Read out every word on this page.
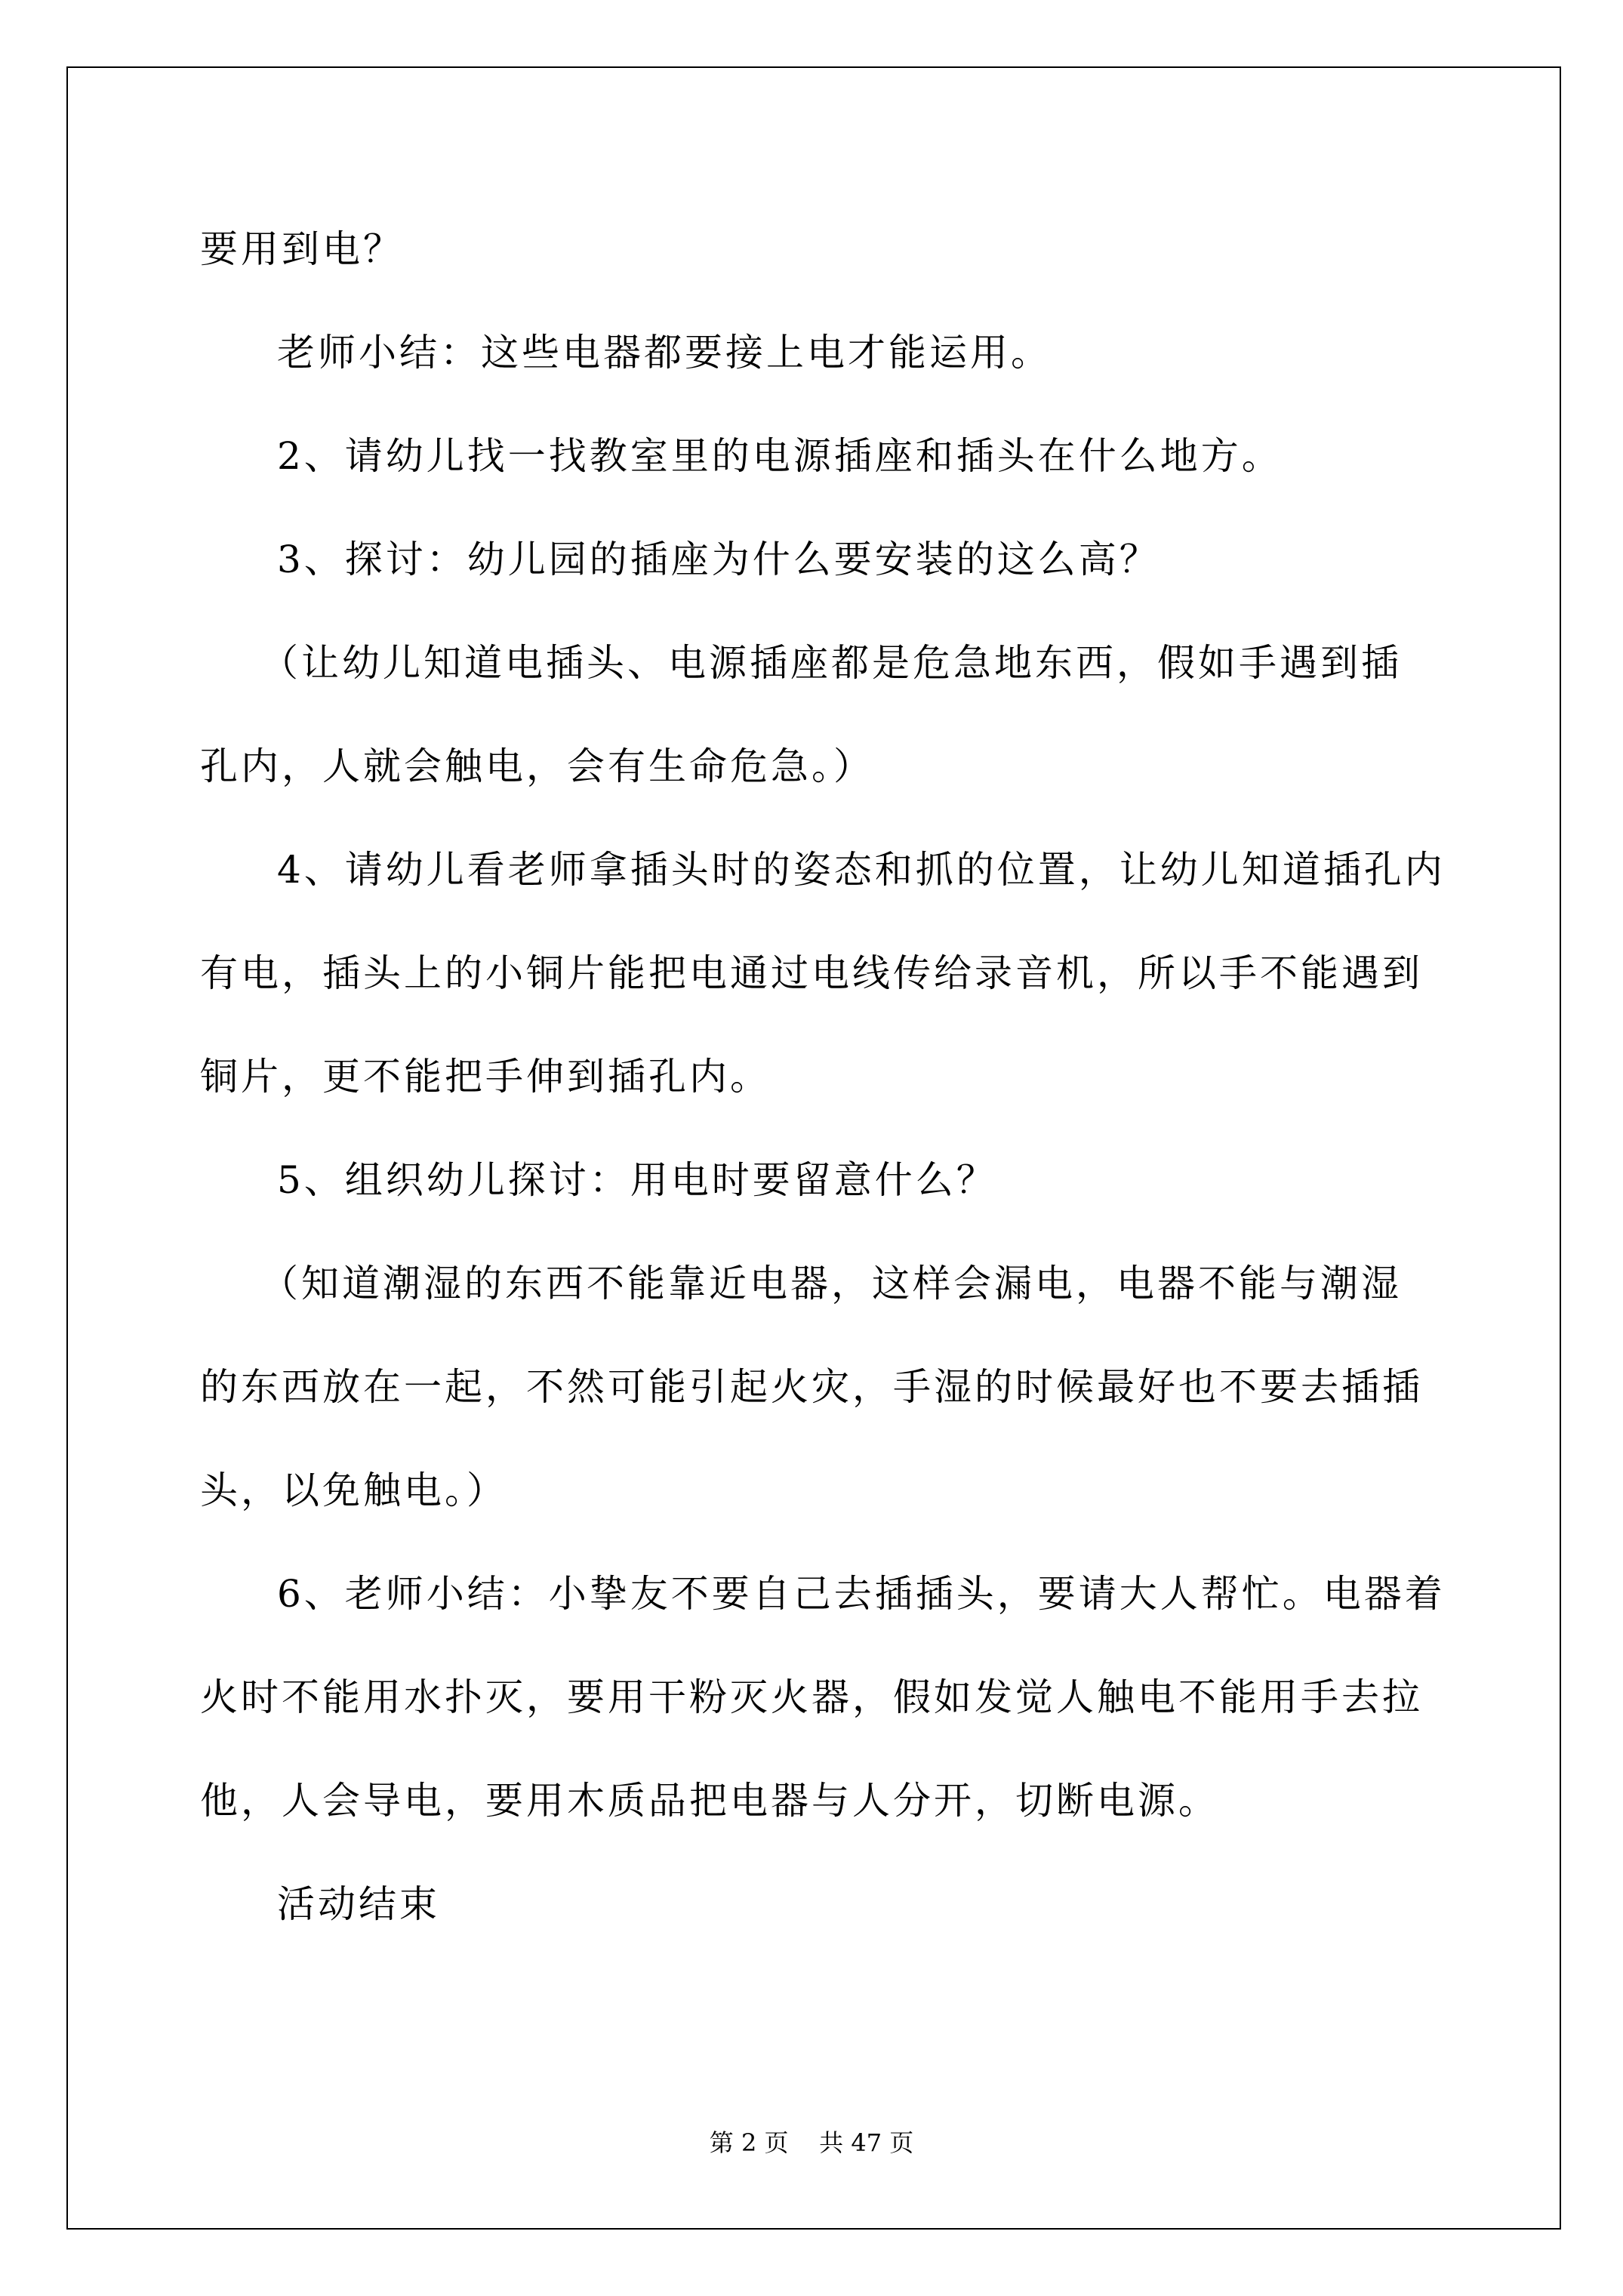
要用到电？
老师小结：这些电器都要接上电才能运用。
2、请幼儿找一找教室里的电源插座和插头在什么地方。
3、探讨：幼儿园的插座为什么要安装的这么高？
（让幼儿知道电插头、电源插座都是危急地东西，假如手遇到插
孔内，人就会触电，会有生命危急。）
4、请幼儿看老师拿插头时的姿态和抓的位置，让幼儿知道插孔内
有电，插头上的小铜片能把电通过电线传给录音机，所以手不能遇到
铜片，更不能把手伸到插孔内。
5、组织幼儿探讨：用电时要留意什么？
（知道潮湿的东西不能靠近电器，这样会漏电，电器不能与潮湿
的东西放在一起，不然可能引起火灾，手湿的时候最好也不要去插插
头，以免触电。）
6、老师小结：小挚友不要自己去插插头，要请大人帮忙。电器着
火时不能用水扑灭，要用干粉灭火器，假如发觉人触电不能用手去拉
他，人会导电，要用木质品把电器与人分开，切断电源。
活动结束
第 2 页    共 47 页
